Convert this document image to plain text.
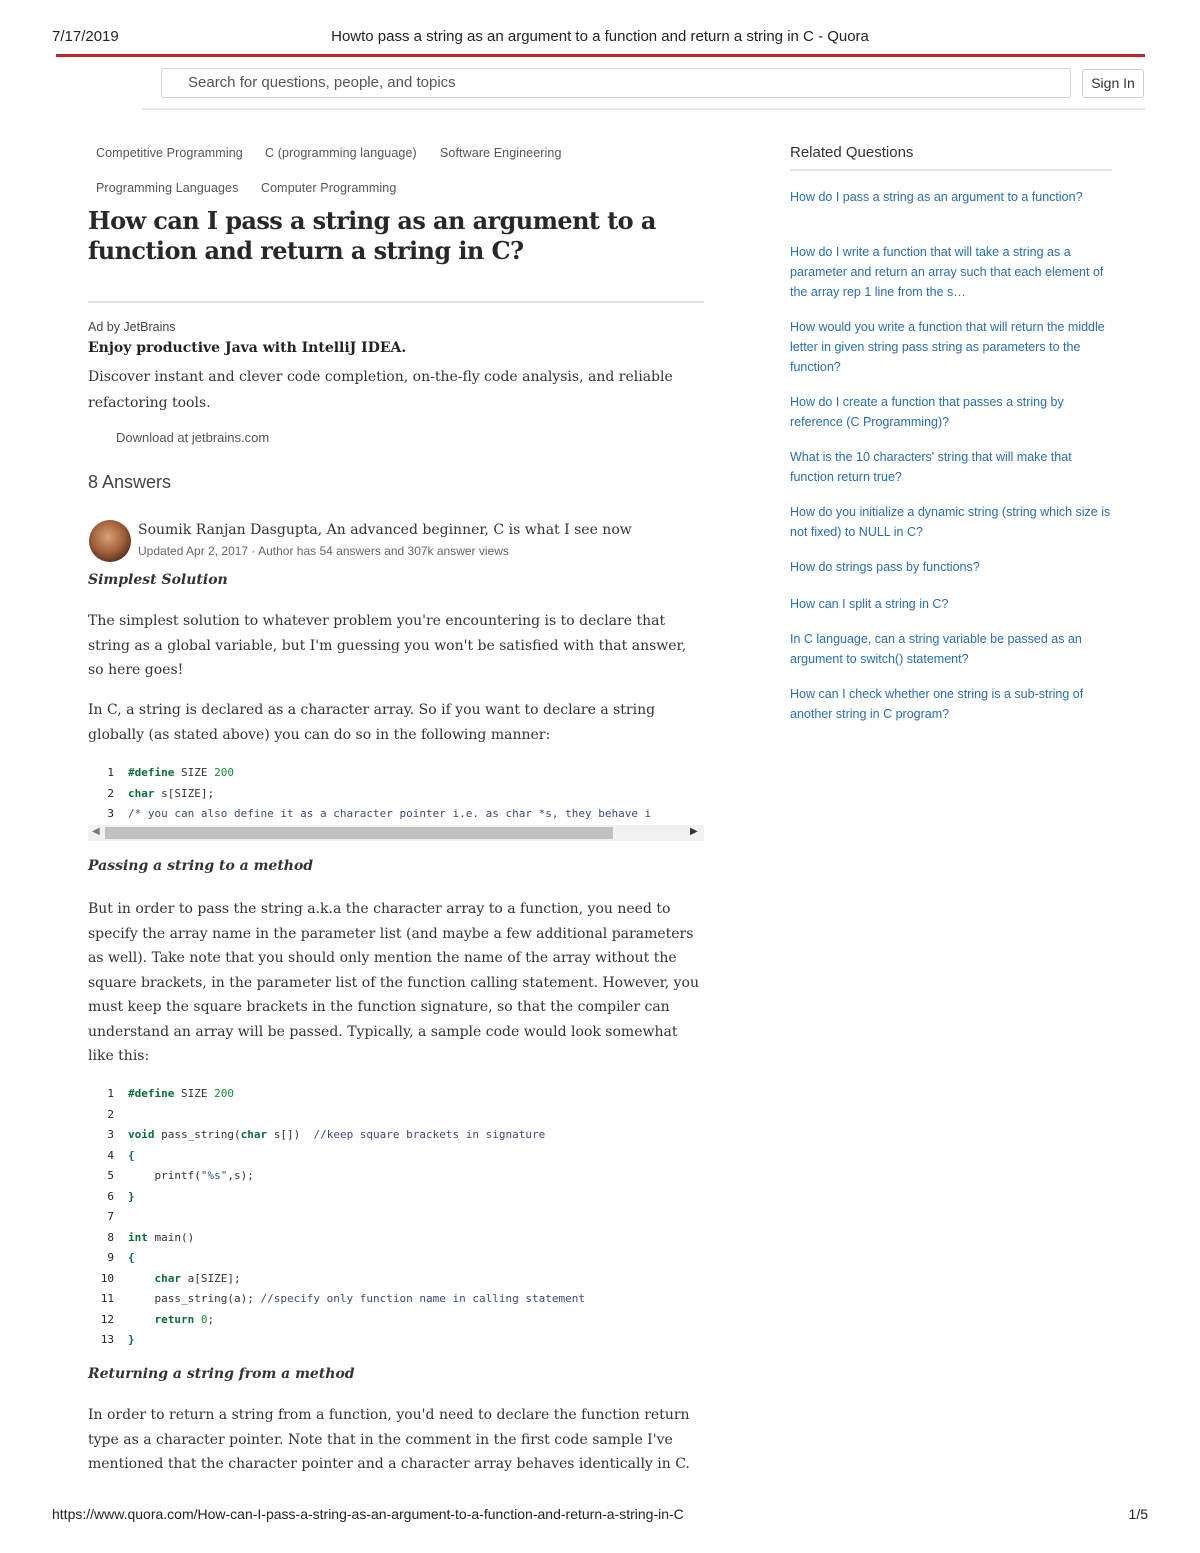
7/17/2019	Howto pass a string as an argument to a function and return a string in C - Quora
Search for questions, people, and topics	Sign In
Competitive Programming C (programming language) Software Engineering
Programming Languages Computer Programming
How can I pass a string as an argument to a function and return a string in C?
Ad by JetBrains
Enjoy productive Java with IntelliJ IDEA.
Discover instant and clever code completion, on-the-fly code analysis, and reliable refactoring tools.
Download at jetbrains.com
8 Answers
Soumik Ranjan Dasgupta, An advanced beginner, C is what I see now
Updated Apr 2, 2017 · Author has 54 answers and 307k answer views
Simplest Solution
The simplest solution to whatever problem you're encountering is to declare that string as a global variable, but I'm guessing you won't be satisfied with that answer, so here goes!
In C, a string is declared as a character array. So if you want to declare a string globally (as stated above) you can do so in the following manner:
1 #define SIZE 200
2 char s[SIZE];
3 /* you can also define it as a character pointer i.e. as char *s, they behave i
◀	▶
Passing a string to a method
But in order to pass the string a.k.a the character array to a function, you need to specify the array name in the parameter list (and maybe a few additional parameters as well). Take note that you should only mention the name of the array without the square brackets, in the parameter list of the function calling statement. However, you must keep the square brackets in the function signature, so that the compiler can understand an array will be passed. Typically, a sample code would look somewhat like this:
1 #define SIZE 200
2
3 void pass_string(char s[])  //keep square brackets in signature
4 {
5    printf("%s",s);
6 }
7
8 int main()
9 {
10	char a[SIZE];
11    pass_string(a); //specify only function name in calling statement
12	return 0;
13 }
Returning a string from a method
In order to return a string from a function, you'd need to declare the function return type as a character pointer. Note that in the comment in the first code sample I've mentioned that the character pointer and a character array behaves identically in C.
Related Questions
How do I pass a string as an argument to a function?
How do I write a function that will take a string as a parameter and return an array such that each element of the array rep 1 line from the s…
How would you write a function that will return the middle letter in given string pass string as parameters to the function?
How do I create a function that passes a string by reference (C Programming)?
What is the 10 characters' string that will make that function return true?
How do you initialize a dynamic string (string which size is not fixed) to NULL in C?
How do strings pass by functions?
How can I split a string in C?
In C language, can a string variable be passed as an argument to switch() statement?
How can I check whether one string is a sub-string of another string in C program?
https://www.quora.com/How-can-I-pass-a-string-as-an-argument-to-a-function-and-return-a-string-in-C	1/5
